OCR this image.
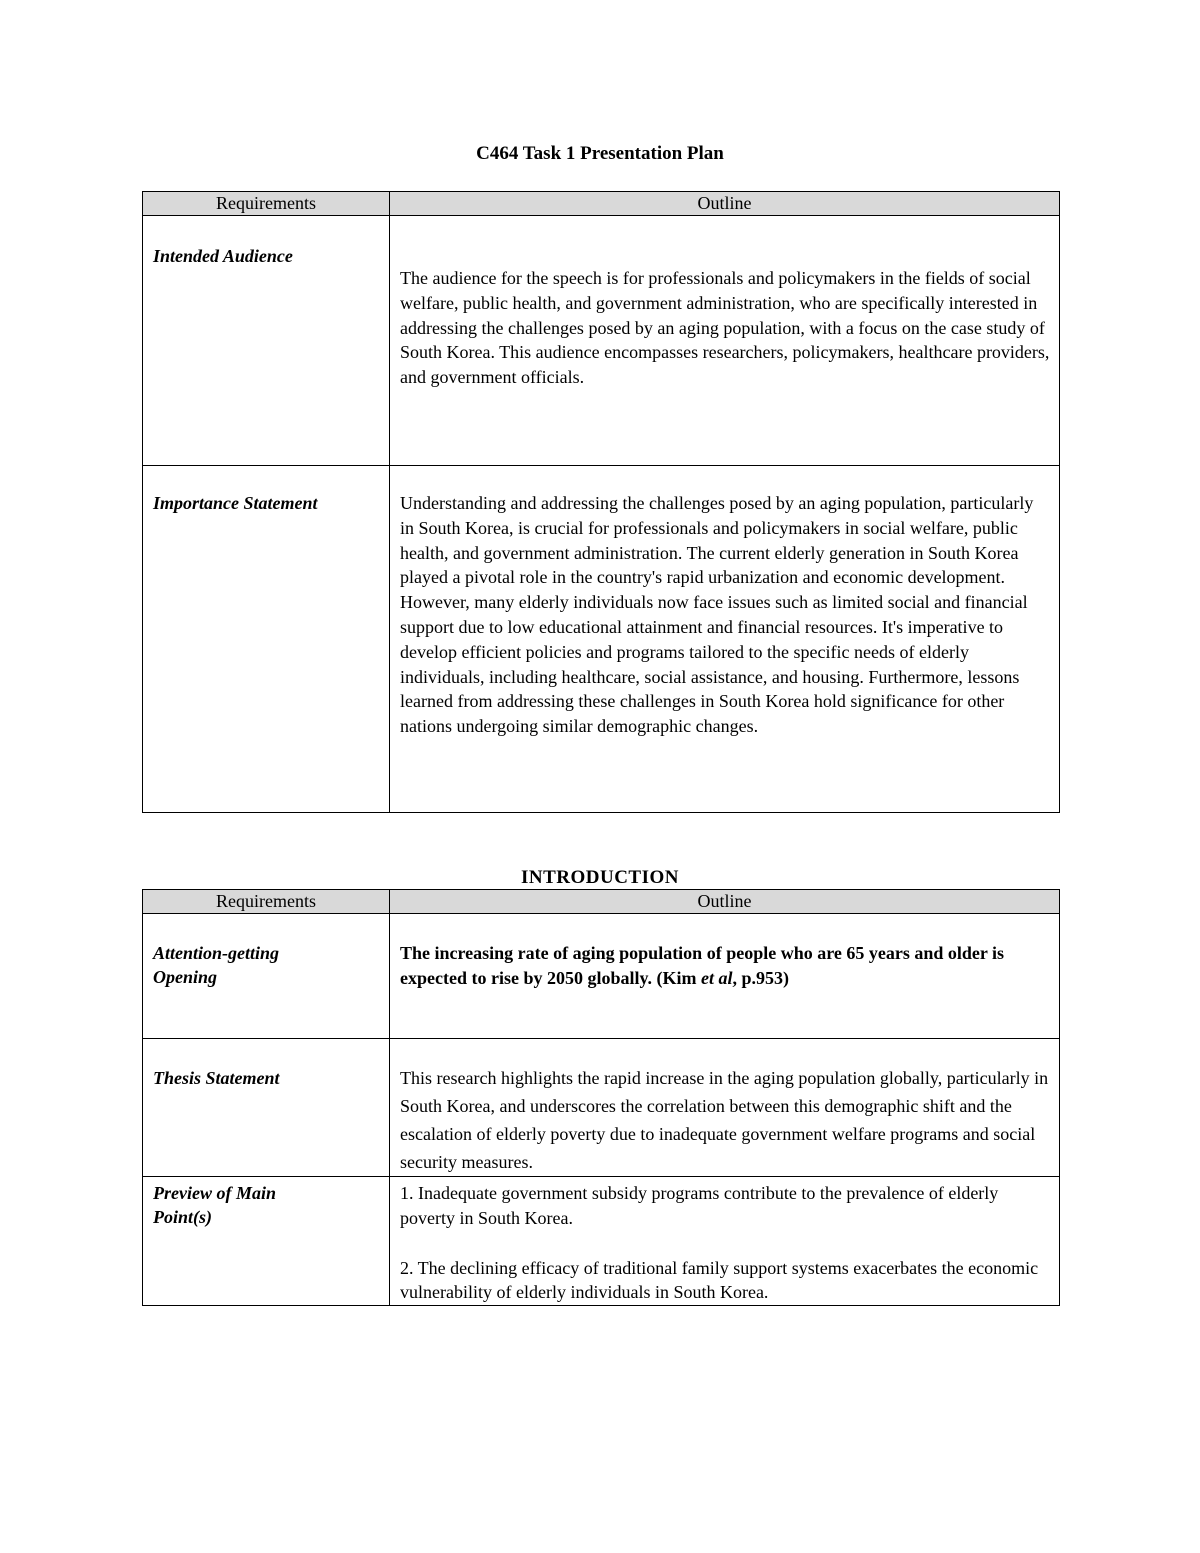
C464 Task 1 Presentation Plan
Requirements	Outline

Intended Audience	The audience for the speech is for professionals and policymakers in the fields of social welfare, public health, and government administration, who are specifically interested in addressing the challenges posed by an aging population, with a focus on the case study of South Korea. This audience encompasses researchers, policymakers, healthcare providers, and government officials.

Importance Statement	Understanding and addressing the challenges posed by an aging population, particularly in South Korea, is crucial for professionals and policymakers in social welfare, public health, and government administration. The current elderly generation in South Korea played a pivotal role in the country's rapid urbanization and economic development. However, many elderly individuals now face issues such as limited social and financial support due to low educational attainment and financial resources. It's imperative to develop efficient policies and programs tailored to the specific needs of elderly individuals, including healthcare, social assistance, and housing. Furthermore, lessons learned from addressing these challenges in South Korea hold significance for other nations undergoing similar demographic changes.
INTRODUCTION
Requirements	Outline

Attention-getting Opening	The increasing rate of aging population of people who are 65 years and older is expected to rise by 2050 globally. (Kim et al, p.953)

Thesis Statement	This research highlights the rapid increase in the aging population globally, particularly in South Korea, and underscores the correlation between this demographic shift and the escalation of elderly poverty due to inadequate government welfare programs and social security measures.

Preview of Main Point(s)	1. Inadequate government subsidy programs contribute to the prevalence of elderly poverty in South Korea.
2. The declining efficacy of traditional family support systems exacerbates the economic vulnerability of elderly individuals in South Korea.
